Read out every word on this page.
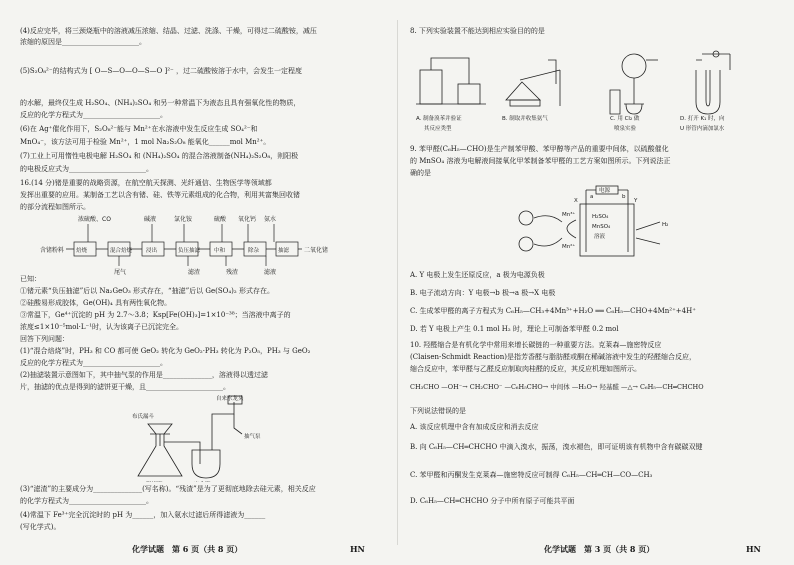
(4)反应完毕，将三颈烧瓶中的溶液减压浓缩、结晶、过滤、洗涤、干燥，可得过二硫酸铵，减压
浓缩的原因是______________________。
(5)S₂O₈²⁻的结构式为 [ O—S—O—O—S—O ]²⁻ ，过二硫酸铵溶于水中，会发生一定程度
的水解，最终仅生成 H₂SO₄、(NH₄)₂SO₄ 和另一种常温下为液态且具有强氧化性的物质，
反应的化学方程式为______________________。
(6)在 Ag⁺催化作用下，S₂O₈²⁻能与 Mn²⁺在水溶液中发生反应生成 SO₄²⁻和
MnO₄⁻，该方法可用于检验 Mn²⁺，1 mol Na₂S₂O₈ 能氧化______mol Mn²⁺。
(7)工业上可用惰性电极电解 H₂SO₄ 和 (NH₄)₂SO₄ 的混合溶液制备(NH₄)₂S₂O₈，则阳极
的电极反应式为______________________。
16.(14 分)锗是重要的战略资源，在航空航天探测、光纤通信、生物医学等领域都
发挥出重要的应用。某制备工艺以含有锗、硅、铁等元素组成的化合物，利用其富集回收锗
的部分流程如图所示。
含锗粉料
浓硫酸、CO	碱液	氯化铵	硫酸 氧化钙 氨水
尾气	滤渣	残渣	滤液
二氧化锗
焙烧	混合焙烧	浸出	负压抽滤	中和	除杂	抽滤
已知：
①锗元素“负压抽滤”后以 Na₂GeO₃ 形式存在，“抽滤”后以 Ge(SO₄)₂ 形式存在。
②硅酸易形成胶体，Ge(OH)₄ 具有两性氧化物。
③常温下，Ge⁴⁺沉淀的 pH 为 2.7～3.8；Ksp[Fe(OH)₃]=1×10⁻³⁸；当溶液中离子的
浓度≤1×10⁻⁵mol·L⁻¹时，认为该离子已沉淀完全。
回答下列问题：
(1)“混合焙烧”时，PH₃ 和 CO 都可使 GeO₂ 转化为 GeO₂·PH₃ 转化为 P₂O₅，PH₃ 与 GeO₂
反应的化学方程式为______________________。
(2)抽滤装置示意图如下，其中抽气泵的作用是______________，溶液得以透过滤
片，抽滤的优点是得到的滤饼更干燥，且______________________。
自来水龙头
布氏漏斗
抽气泵
(3)“滤渣”的主要成分为______________(写名称)。“残渣”是为了更彻底地除去硅元素，相关反应
的化学方程式为______________________。
(4)常温下 Fe³⁺完全沉淀时的 pH 为______，加入氨水过滤后所得滤液为______
(写化学式)。
化学试题　第 6 页（共 8 页）	HN
8. 下列实验装置不能达到相应实验目的的是
A. 制备溴苯并验证
其反应类型
B. 制取并收集氨气	C. 用 Cl₂ 做
喷泉实验
D. 打开 K₁ 时，向
U 形管内滴加氯水
9. 苯甲醛(C₆H₅—CHO)是生产制苯甲酸、苯甲醇等产品的重要中间体，以硫酸催化
的 MnSO₄ 溶液为电解液间接氧化甲苯制备苯甲醛的工艺方案如图所示。下列说法正
确的是
电源
H₂SO₄
MnSO₄
溶液
X	Y
a	b
H₂
Mn³⁺
Mn²⁺
A. Y 电极上发生还原反应，a 极为电源负极
B. 电子流动方向：Y 电极→b 极→a 极→X 电极
C. 生成苯甲醛的离子方程式为 C₆H₅—CH₃+4Mn³⁺+H₂O ══ C₆H₅—CHO+4Mn²⁺+4H⁺
D. 若 Y 电极上产生 0.1 mol H₂ 时，理论上可制备苯甲醛 0.2 mol
10. 羟醛缩合是有机化学中常用来增长碳链的一种重要方法。克莱森—施密特反应
(Claisen-Schmidt Reaction)是指芳香醛与脂肪醛或酮在稀碱溶液中发生的羟醛缩合反应，
缩合反应中，苯甲醛与乙醛反应制取肉桂醛的反应，其反应机理如图所示。
CH₃CHO —OH⁻→ CH₂CHO⁻ —C₆H₅CHO→ 中间体 —H₂O→ 羟基醛 —△→ C₆H₅—CH═CHCHO
下列说法错误的是
A. 该反应机理中含有加成反应和消去反应
B. 向 C₆H₅—CH═CHCHO 中滴入溴水，振荡，溴水褪色，即可证明该有机物中含有碳碳双键
C. 苯甲醛和丙酮发生克莱森—施密特反应可制得 C₆H₅—CH═CH—CO—CH₃
D. C₆H₅—CH═CHCHO 分子中所有原子可能共平面
化学试题　第 3 页（共 8 页）	HN
